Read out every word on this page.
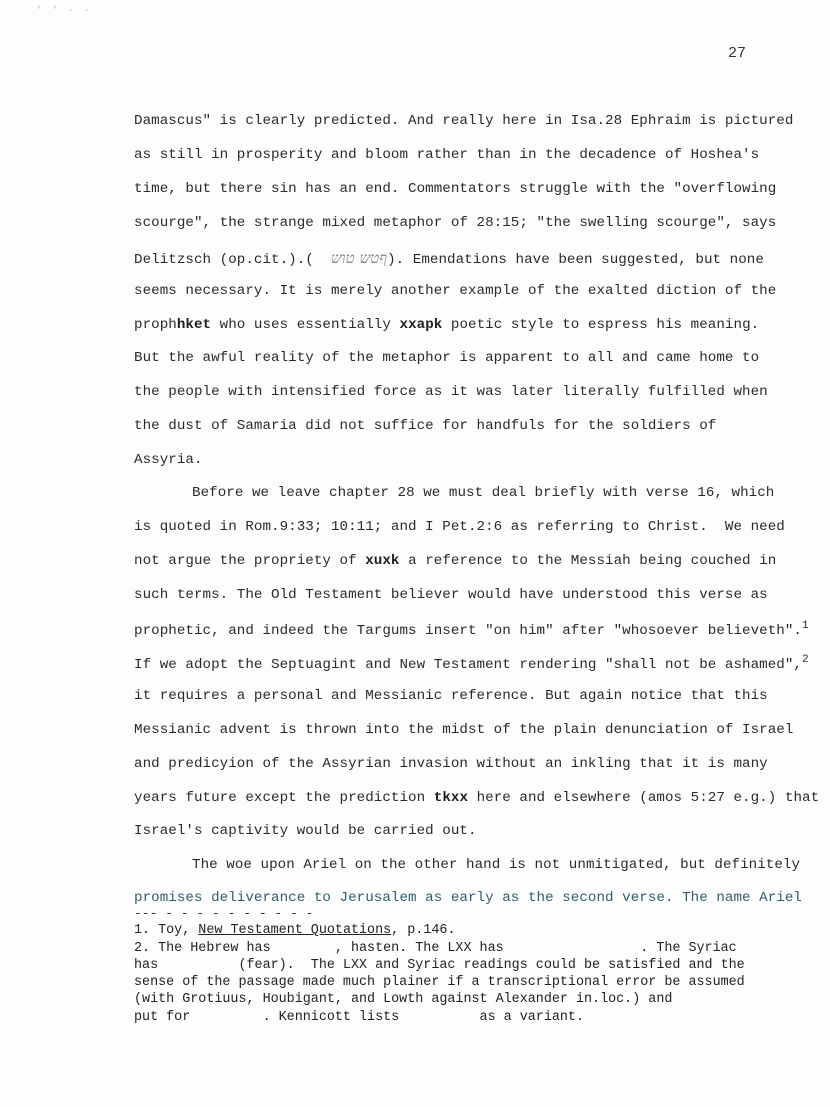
' ' - -
27
Damascus" is clearly predicted. And really here in Isa.28 Ephraim is pictured
as still in prosperity and bloom rather than in the decadence of Hoshea's
time, but there sin has an end. Commentators struggle with the "overflowing
scourge", the strange mixed metaphor of 28:15; "the swelling scourge", says
Delitzsch (op.cit.).( ףטש טוש). Emendations have been suggested, but none
seems necessary. It is merely another example of the exalted diction of the
prophhket who uses essentially xxapk poetic style to espress his meaning.
But the awful reality of the metaphor is apparent to all and came home to
the people with intensified force as it was later literally fulfilled when
the dust of Samaria did not suffice for handfuls for the soldiers of
Assyria.
Before we leave chapter 28 we must deal briefly with verse 16, which
is quoted in Rom.9:33; 10:11; and I Pet.2:6 as referring to Christ.  We need
not argue the propriety of xuxk a reference to the Messiah being couched in
such terms. The Old Testament believer would have understood this verse as
prophetic, and indeed the Targums insert "on him" after "whosoever believeth".$^1$
If we adopt the Septuagint and New Testament rendering "shall not be ashamed",$^2$
it requires a personal and Messianic reference. But again notice that this
Messianic advent is thrown into the midst of the plain denunciation of Israel
and predicyion of the Assyrian invasion without an inkling that it is many
years future except the prediction tkxx here and elsewhere (amos 5:27 e.g.) that
Israel's captivity would be carried out.
The woe upon Ariel on the other hand is not unmitigated, but definitely
promises deliverance to Jerusalem as early as the second verse. The name Ariel
--- - - - - - - - - - -
1. Toy, New Testament Quotations, p.146.
2. The Hebrew has        , hasten. The LXX has                 . The Syriac
has          (fear).  The LXX and Syriac readings could be satisfied and the
sense of the passage made much plainer if a transcriptional error be assumed
(with Grotiuus, Houbigant, and Lowth against Alexander in.loc.) and
put for         . Kennicott lists          as a variant.
